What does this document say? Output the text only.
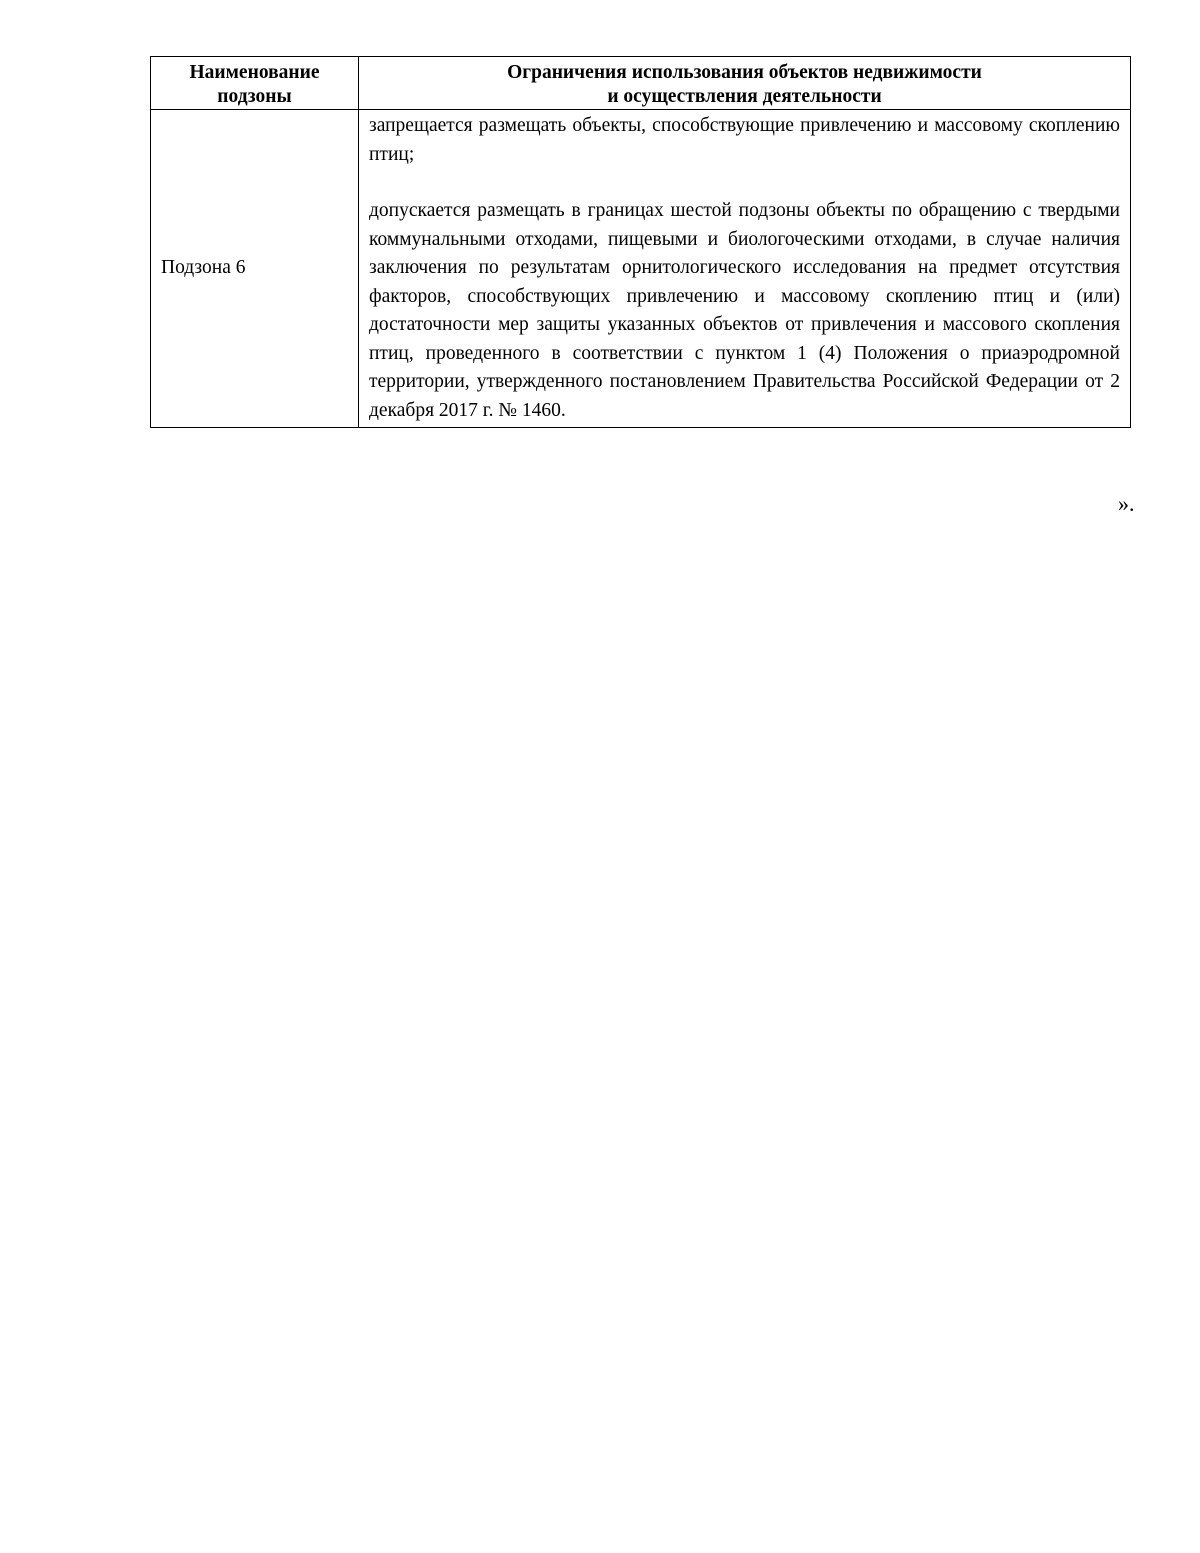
Наименование
подзоны	Ограничения использования объектов недвижимости
и осуществления деятельности

Подзона 6	запрещается размещать объекты, способствующие привлечению и массовому скоплению птиц;

допускается размещать в границах шестой подзоны объекты по обращению с твердыми коммунальными отходами, пищевыми и биологоческими отходами, в случае наличия заключения по результатам орнитологического исследования на предмет отсутствия факторов, способствующих привлечению и массовому скоплению птиц и (или) достаточности мер защиты указанных объектов от привлечения и массового скопления птиц, проведенного в соответствии с пунктом 1 (4) Положения о приаэродромной территории, утвержденного постановлением Правительства Российской Федерации от 2 декабря 2017 г. № 1460.

».
